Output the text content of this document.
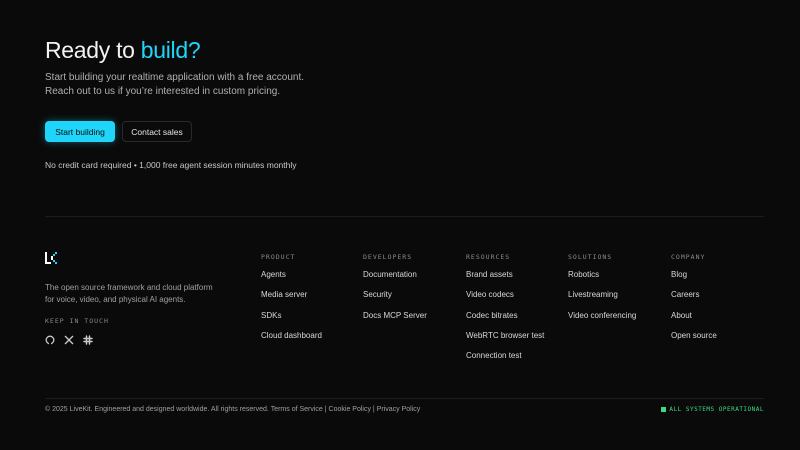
Ready to build?
Start building your realtime application with a free account.
Reach out to us if you’re interested in custom pricing.
Start building	Contact sales
No credit card required • 1,000 free agent session minutes monthly
The open source framework and cloud platform
for voice, video, and physical AI agents.
KEEP IN TOUCH
PRODUCT
Agents
Media server
SDKs
Cloud dashboard
DEVELOPERS
Documentation
Security
Docs MCP Server
RESOURCES
Brand assets
Video codecs
Codec bitrates
WebRTC browser test
Connection test
SOLUTIONS
Robotics
Livestreaming
Video conferencing
COMPANY
Blog
Careers
About
Open source
© 2025 LiveKit. Engineered and designed worldwide. All rights reserved. Terms of Service | Cookie Policy | Privacy Policy	ALL SYSTEMS OPERATIONAL
